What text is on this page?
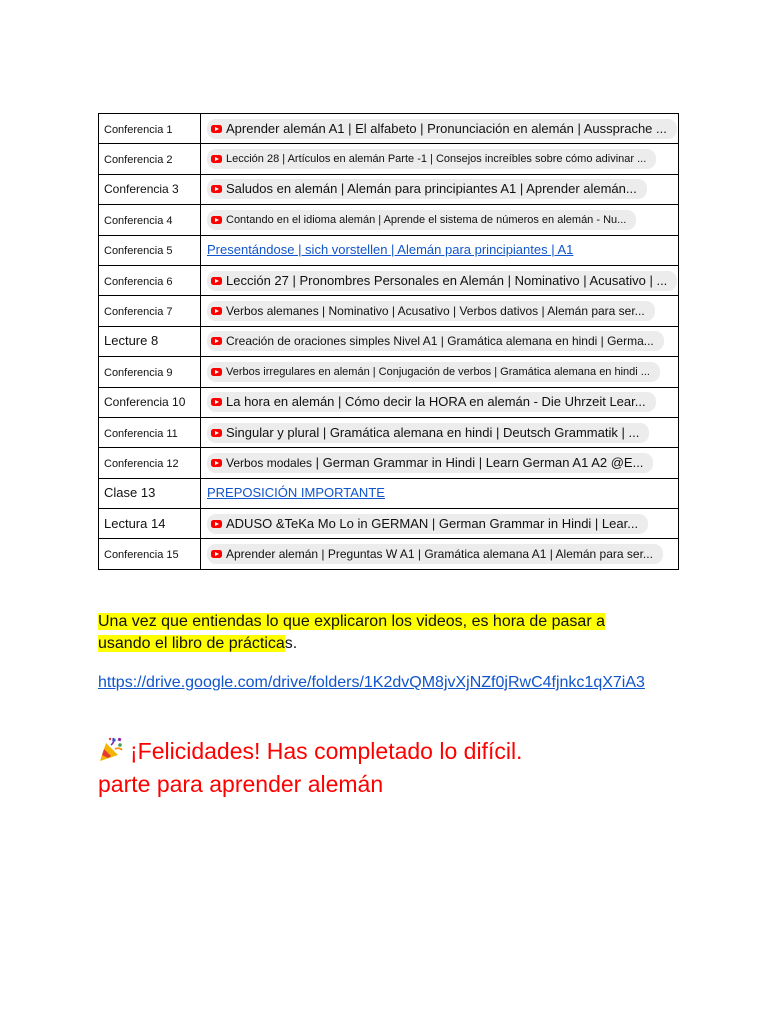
Conferencia 1	Aprender alemán A1 | El alfabeto | Pronunciación en alemán | Aussprache ...

Conferencia 2	Lección 28 | Artículos en alemán Parte -1 | Consejos increíbles sobre cómo adivinar ...

Conferencia 3	Saludos en alemán | Alemán para principiantes A1 | Aprender alemán...

Conferencia 4	Contando en el idioma alemán | Aprende el sistema de números en alemán - Nu...

Conferencia 5	Presentándose | sich vorstellen | Alemán para principiantes | A1
Conferencia 6	Lección 27 | Pronombres Personales en Alemán | Nominativo | Acusativo | ...

Conferencia 7	Verbos alemanes | Nominativo | Acusativo | Verbos dativos | Alemán para ser...

Lecture 8	Creación de oraciones simples Nivel A1 | Gramática alemana en hindi | Germa...

Conferencia 9	Verbos irregulares en alemán | Conjugación de verbos | Gramática alemana en hindi ...

Conferencia 10	La hora en alemán | Cómo decir la HORA en alemán - Die Uhrzeit Lear...

Conferencia 11	Singular y plural | Gramática alemana en hindi | Deutsch Grammatik | ...

Conferencia 12	Verbos modales | German Grammar in Hindi | Learn German A1 A2 @E...

Clase 13	PREPOSICIÓN IMPORTANTE
Lectura 14	ADUSO &TeKa Mo Lo in GERMAN | German Grammar in Hindi | Lear...

Conferencia 15	Aprender alemán | Preguntas W A1 | Gramática alemana A1 | Alemán para ser...
Una vez que entiendas lo que explicaron los videos, es hora de pasar a usando el libro de prácticas.
https://drive.google.com/drive/folders/1K2dvQM8jvXjNZf0jRwC4fjnkc1qX7iA3
¡Felicidades! Has completado lo difícil.
parte para aprender alemán
